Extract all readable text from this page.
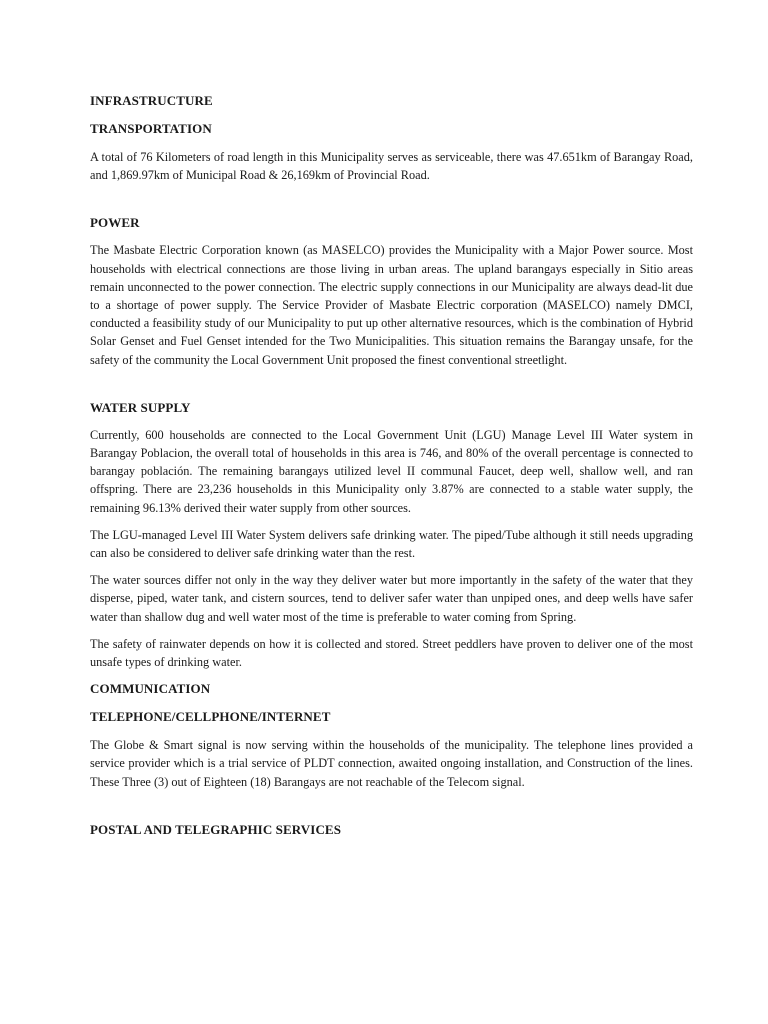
INFRASTRUCTURE
TRANSPORTATION

A total of 76 Kilometers of road length in this Municipality serves as serviceable, there was 47.651km of Barangay Road, and 1,869.97km of Municipal Road & 26,169km of Provincial Road.

POWER

The Masbate Electric Corporation known (as MASELCO) provides the Municipality with a Major Power source. Most households with electrical connections are those living in urban areas. The upland barangays especially in Sitio areas remain unconnected to the power connection. The electric supply connections in our Municipality are always dead-lit due to a shortage of power supply. The Service Provider of Masbate Electric corporation (MASELCO) namely DMCI, conducted a feasibility study of our Municipality to put up other alternative resources, which is the combination of Hybrid Solar Genset and Fuel Genset intended for the Two Municipalities. This situation remains the Barangay unsafe, for the safety of the community the Local Government Unit proposed the finest conventional streetlight.

WATER SUPPLY

Currently, 600 households are connected to the Local Government Unit (LGU) Manage Level III Water system in Barangay Poblacion, the overall total of households in this area is 746, and 80% of the overall percentage is connected to barangay población. The remaining barangays utilized level II communal Faucet, deep well, shallow well, and ran offspring. There are 23,236 households in this Municipality only 3.87% are connected to a stable water supply, the remaining 96.13% derived their water supply from other sources.

The LGU-managed Level III Water System delivers safe drinking water. The piped/Tube although it still needs upgrading can also be considered to deliver safe drinking water than the rest.

The water sources differ not only in the way they deliver water but more importantly in the safety of the water that they disperse, piped, water tank, and cistern sources, tend to deliver safer water than unpiped ones, and deep wells have safer water than shallow dug and well water most of the time is preferable to water coming from Spring.

The safety of rainwater depends on how it is collected and stored. Street peddlers have proven to deliver one of the most unsafe types of drinking water.

COMMUNICATION
TELEPHONE/CELLPHONE/INTERNET

The Globe & Smart signal is now serving within the households of the municipality. The telephone lines provided a service provider which is a trial service of PLDT connection, awaited ongoing installation, and Construction of the lines. These Three (3) out of Eighteen (18) Barangays are not reachable of the Telecom signal.

POSTAL AND TELEGRAPHIC SERVICES
